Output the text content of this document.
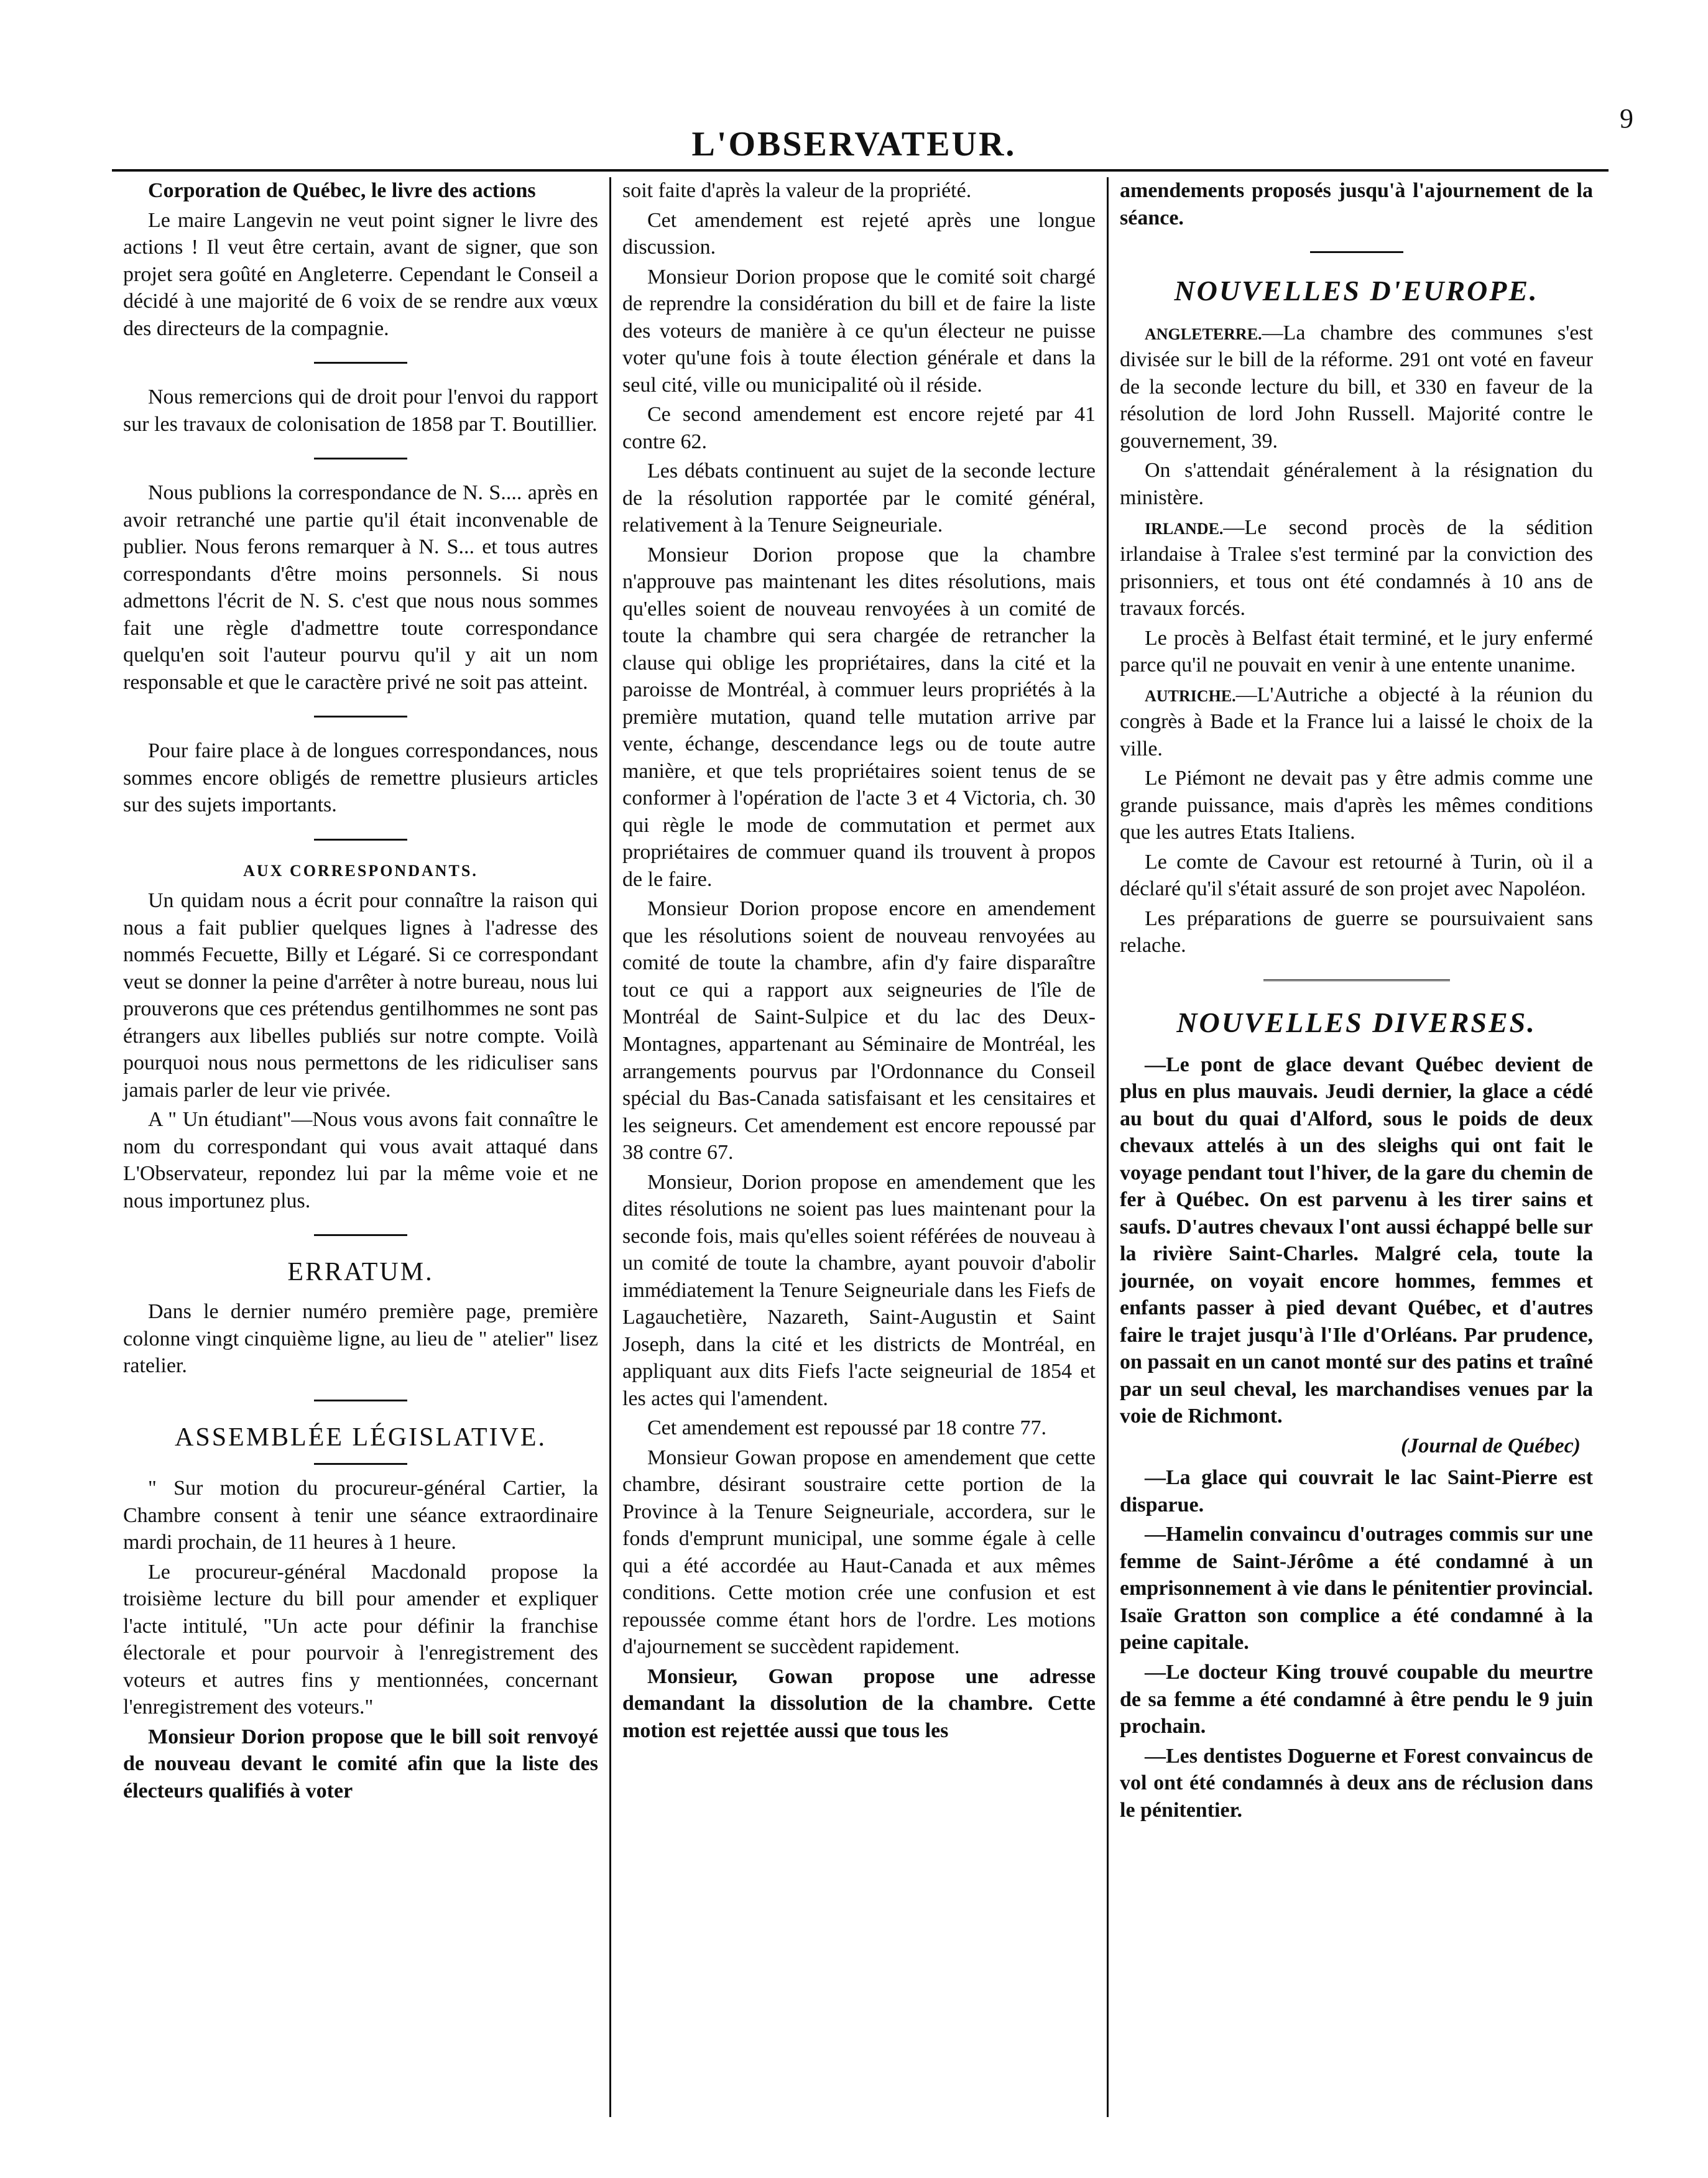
9
L'OBSERVATEUR.

Corporation de Québec, le livre des actions

Le maire Langevin ne veut point signer le livre des actions ! Il veut être certain, avant de signer, que son projet sera goûté en Angleterre. Cependant le Conseil a décidé à une majorité de 6 voix de se rendre aux vœux des directeurs de la compagnie.

Nous remercions qui de droit pour l'envoi du rapport sur les travaux de colonisation de 1858 par T. Boutillier.

Nous publions la correspondance de N. S.... après en avoir retranché une partie qu'il était inconvenable de publier. Nous ferons remarquer à N. S... et tous autres correspondants d'être moins personnels. Si nous admettons l'écrit de N. S. c'est que nous nous sommes fait une règle d'admettre toute correspondance quelqu'en soit l'auteur pourvu qu'il y ait un nom responsable et que le caractère privé ne soit pas atteint.

Pour faire place à de longues correspondances, nous sommes encore obligés de remettre plusieurs articles sur des sujets importants.

AUX CORRESPONDANTS.

Un quidam nous a écrit pour connaître la raison qui nous a fait publier quelques lignes à l'adresse des nommés Fecuette, Billy et Légaré. Si ce correspondant veut se donner la peine d'arrêter à notre bureau, nous lui prouverons que ces prétendus gentilhommes ne sont pas étrangers aux libelles publiés sur notre compte. Voilà pourquoi nous nous permettons de les ridiculiser sans jamais parler de leur vie privée.

A " Un étudiant"—Nous vous avons fait connaître le nom du correspondant qui vous avait attaqué dans L'Observateur, repondez lui par la même voie et ne nous importunez plus.

ERRATUM.

Dans le dernier numéro première page, première colonne vingt cinquième ligne, au lieu de " atelier" lisez ratelier.

ASSEMBLÉE LÉGISLATIVE.

" Sur motion du procureur-général Cartier, la Chambre consent à tenir une séance extraordinaire mardi prochain, de 11 heures à 1 heure.

Le procureur-général Macdonald propose la troisième lecture du bill pour amender et expliquer l'acte intitulé, "Un acte pour définir la franchise électorale et pour pourvoir à l'enregistrement des voteurs et autres fins y mentionnées, concernant l'enregistrement des voteurs."

Monsieur Dorion propose que le bill soit renvoyé de nouveau devant le comité afin que la liste des électeurs qualifiés à voter

soit faite d'après la valeur de la propriété.

Cet amendement est rejeté après une longue discussion.

Monsieur Dorion propose que le comité soit chargé de reprendre la considération du bill et de faire la liste des voteurs de manière à ce qu'un électeur ne puisse voter qu'une fois à toute élection générale et dans la seul cité, ville ou municipalité où il réside.

Ce second amendement est encore rejeté par 41 contre 62.

Les débats continuent au sujet de la seconde lecture de la résolution rapportée par le comité général, relativement à la Tenure Seigneuriale.

Monsieur Dorion propose que la chambre n'approuve pas maintenant les dites résolutions, mais qu'elles soient de nouveau renvoyées à un comité de toute la chambre qui sera chargée de retrancher la clause qui oblige les propriétaires, dans la cité et la paroisse de Montréal, à commuer leurs propriétés à la première mutation, quand telle mutation arrive par vente, échange, descendance legs ou de toute autre manière, et que tels propriétaires soient tenus de se conformer à l'opération de l'acte 3 et 4 Victoria, ch. 30 qui règle le mode de commutation et permet aux propriétaires de commuer quand ils trouvent à propos de le faire.

Monsieur Dorion propose encore en amendement que les résolutions soient de nouveau renvoyées au comité de toute la chambre, afin d'y faire disparaître tout ce qui a rapport aux seigneuries de l'île de Montréal de Saint-Sulpice et du lac des Deux-Montagnes, appartenant au Séminaire de Montréal, les arrangements pourvus par l'Ordonnance du Conseil spécial du Bas-Canada satisfaisant et les censitaires et les seigneurs. Cet amendement est encore repoussé par 38 contre 67.

Monsieur, Dorion propose en amendement que les dites résolutions ne soient pas lues maintenant pour la seconde fois, mais qu'elles soient référées de nouveau à un comité de toute la chambre, ayant pouvoir d'abolir immédiatement la Tenure Seigneuriale dans les Fiefs de Lagauchetière, Nazareth, Saint-Augustin et Saint Joseph, dans la cité et les districts de Montréal, en appliquant aux dits Fiefs l'acte seigneurial de 1854 et les actes qui l'amendent.

Cet amendement est repoussé par 18 contre 77.

Monsieur Gowan propose en amendement que cette chambre, désirant soustraire cette portion de la Province à la Tenure Seigneuriale, accordera, sur le fonds d'emprunt municipal, une somme égale à celle qui a été accordée au Haut-Canada et aux mêmes conditions. Cette motion crée une confusion et est repoussée comme étant hors de l'ordre. Les motions d'ajournement se succèdent rapidement.

Monsieur, Gowan propose une adresse demandant la dissolution de la chambre. Cette motion est rejettée aussi que tous les

amendements proposés jusqu'à l'ajournement de la séance.

NOUVELLES D'EUROPE.

ANGLETERRE.—La chambre des communes s'est divisée sur le bill de la réforme. 291 ont voté en faveur de la seconde lecture du bill, et 330 en faveur de la résolution de lord John Russell. Majorité contre le gouvernement, 39.

On s'attendait généralement à la résignation du ministère.

IRLANDE.—Le second procès de la sédition irlandaise à Tralee s'est terminé par la conviction des prisonniers, et tous ont été condamnés à 10 ans de travaux forcés.

Le procès à Belfast était terminé, et le jury enfermé parce qu'il ne pouvait en venir à une entente unanime.

AUTRICHE.—L'Autriche a objecté à la réunion du congrès à Bade et la France lui a laissé le choix de la ville.

Le Piémont ne devait pas y être admis comme une grande puissance, mais d'après les mêmes conditions que les autres Etats Italiens.

Le comte de Cavour est retourné à Turin, où il a déclaré qu'il s'était assuré de son projet avec Napoléon.

Les préparations de guerre se poursuivaient sans relache.

NOUVELLES DIVERSES.

—Le pont de glace devant Québec devient de plus en plus mauvais. Jeudi dernier, la glace a cédé au bout du quai d'Alford, sous le poids de deux chevaux attelés à un des sleighs qui ont fait le voyage pendant tout l'hiver, de la gare du chemin de fer à Québec. On est parvenu à les tirer sains et saufs. D'autres chevaux l'ont aussi échappé belle sur la rivière Saint-Charles. Malgré cela, toute la journée, on voyait encore hommes, femmes et enfants passer à pied devant Québec, et d'autres faire le trajet jusqu'à l'Ile d'Orléans. Par prudence, on passait en un canot monté sur des patins et traîné par un seul cheval, les marchandises venues par la voie de Richmont.

(Journal de Québec)

—La glace qui couvrait le lac Saint-Pierre est disparue.

—Hamelin convaincu d'outrages commis sur une femme de Saint-Jérôme a été condamné à un emprisonnement à vie dans le pénitentier provincial. Isaïe Gratton son complice a été condamné à la peine capitale.

—Le docteur King trouvé coupable du meurtre de sa femme a été condamné à être pendu le 9 juin prochain.

—Les dentistes Doguerne et Forest convaincus de vol ont été condamnés à deux ans de réclusion dans le pénitentier.
